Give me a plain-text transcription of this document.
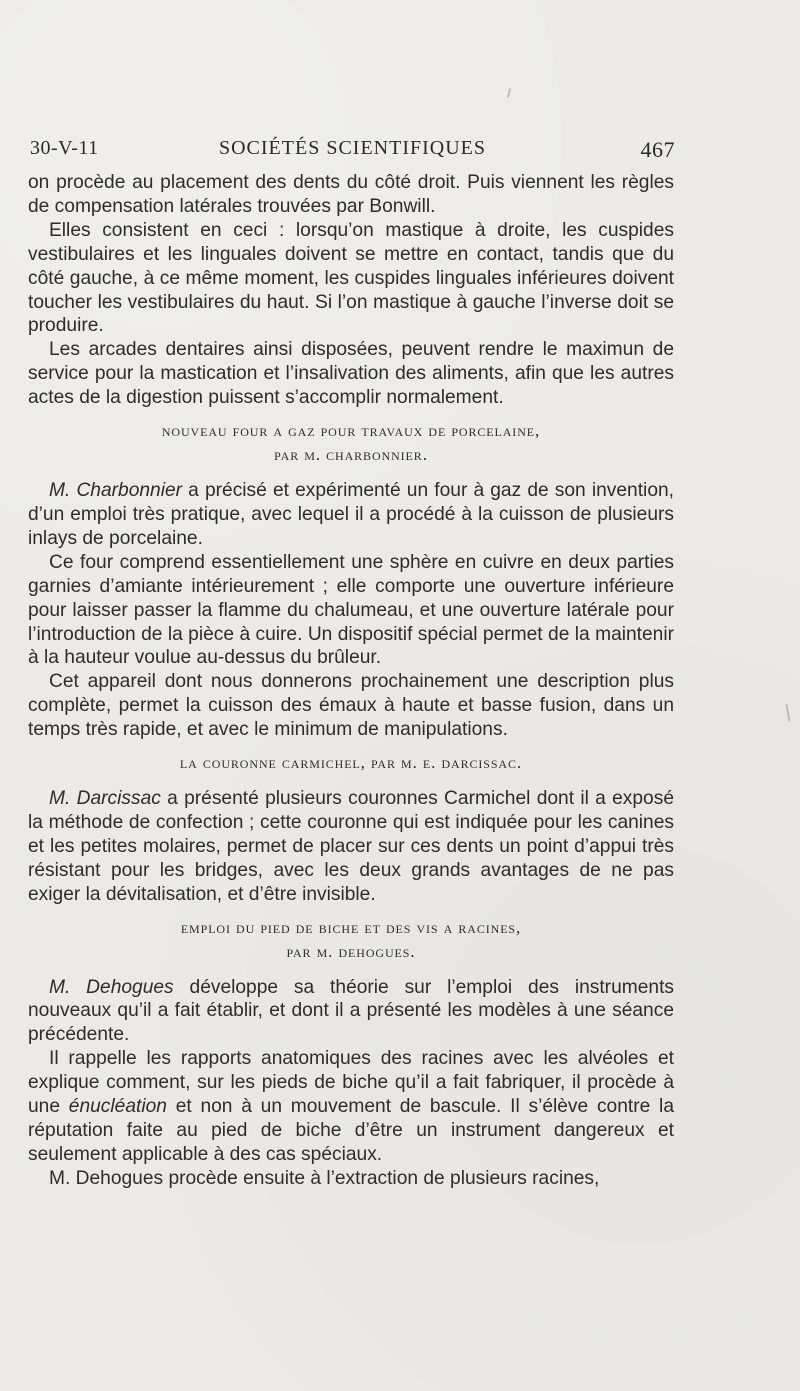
30-V-11	SOCIÉTÉS SCIENTIFIQUES	467

on procède au placement des dents du côté droit. Puis viennent les règles de compensation latérales trouvées par Bonwill.

Elles consistent en ceci : lorsqu’on mastique à droite, les cuspides vestibulaires et les linguales doivent se mettre en contact, tandis que du côté gauche, à ce même moment, les cuspides linguales inférieures doivent toucher les vestibulaires du haut. Si l’on mastique à gauche l’inverse doit se produire.

Les arcades dentaires ainsi disposées, peuvent rendre le maximun de service pour la mastication et l’insalivation des aliments, afin que les autres actes de la digestion puissent s’accomplir normalement.

nouveau four a gaz pour travaux de porcelaine,
par m. charbonnier.

M. Charbonnier a précisé et expérimenté un four à gaz de son invention, d’un emploi très pratique, avec lequel il a procédé à la cuisson de plusieurs inlays de porcelaine.

Ce four comprend essentiellement une sphère en cuivre en deux parties garnies d’amiante intérieurement ; elle comporte une ouverture inférieure pour laisser passer la flamme du chalumeau, et une ouverture latérale pour l’introduction de la pièce à cuire. Un dispositif spécial permet de la maintenir à la hauteur voulue au-dessus du brûleur.

Cet appareil dont nous donnerons prochainement une description plus complète, permet la cuisson des émaux à haute et basse fusion, dans un temps très rapide, et avec le minimum de manipulations.

la couronne carmichel, par m. e. darcissac.

M. Darcissac a présenté plusieurs couronnes Carmichel dont il a exposé la méthode de confection ; cette couronne qui est indiquée pour les canines et les petites molaires, permet de placer sur ces dents un point d’appui très résistant pour les bridges, avec les deux grands avantages de ne pas exiger la dévitalisation, et d’être invisible.

emploi du pied de biche et des vis a racines,
par m. dehogues.

M. Dehogues développe sa théorie sur l’emploi des instruments nouveaux qu’il a fait établir, et dont il a présenté les modèles à une séance précédente.

Il rappelle les rapports anatomiques des racines avec les alvéoles et explique comment, sur les pieds de biche qu’il a fait fabriquer, il procède à une énucléation et non à un mouvement de bascule. Il s’élève contre la réputation faite au pied de biche d’être un instrument dangereux et seulement applicable à des cas spéciaux.

M. Dehogues procède ensuite à l’extraction de plusieurs racines,
